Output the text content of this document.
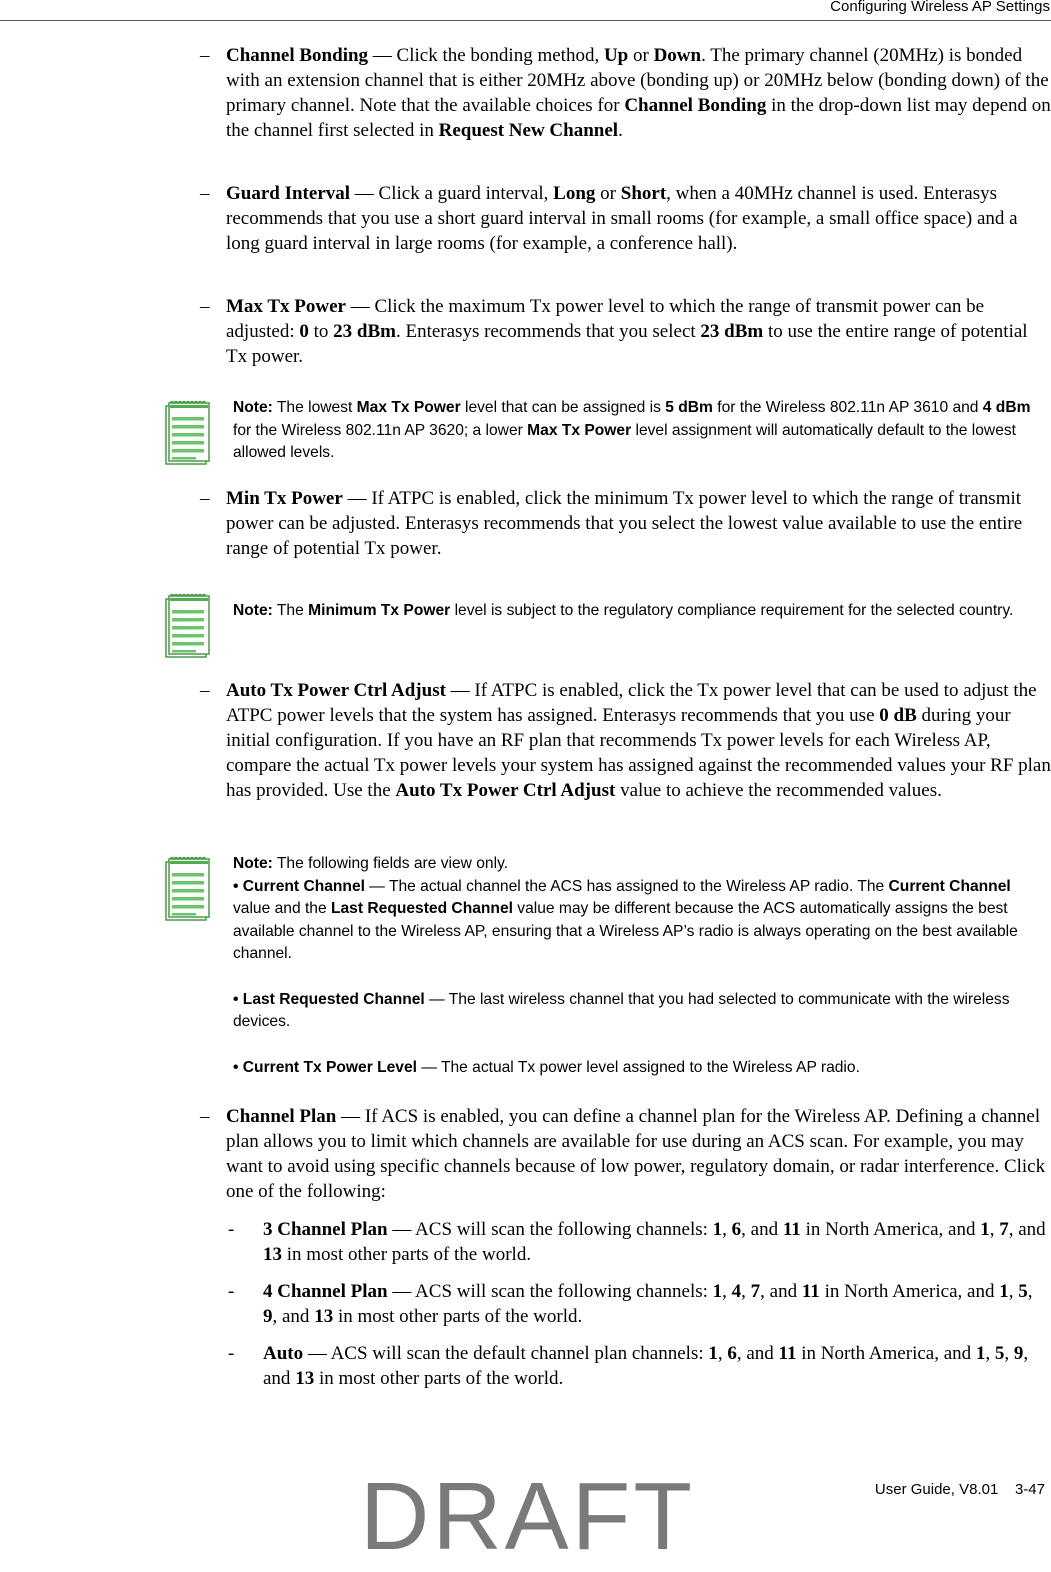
Configuring Wireless AP Settings
– Channel Bonding — Click the bonding method, Up or Down. The primary channel (20MHz) is bonded with an extension channel that is either 20MHz above (bonding up) or 20MHz below (bonding down) of the primary channel. Note that the available choices for Channel Bonding in the drop-down list may depend on the channel first selected in Request New Channel.
– Guard Interval — Click a guard interval, Long or Short, when a 40MHz channel is used. Enterasys recommends that you use a short guard interval in small rooms (for example, a small office space) and a long guard interval in large rooms (for example, a conference hall).
– Max Tx Power — Click the maximum Tx power level to which the range of transmit power can be adjusted: 0 to 23 dBm. Enterasys recommends that you select 23 dBm to use the entire range of potential Tx power.
Note: The lowest Max Tx Power level that can be assigned is 5 dBm for the Wireless 802.11n AP 3610 and 4 dBm for the Wireless 802.11n AP 3620; a lower Max Tx Power level assignment will automatically default to the lowest allowed levels.
– Min Tx Power — If ATPC is enabled, click the minimum Tx power level to which the range of transmit power can be adjusted. Enterasys recommends that you select the lowest value available to use the entire range of potential Tx power.
Note: The Minimum Tx Power level is subject to the regulatory compliance requirement for the selected country.
– Auto Tx Power Ctrl Adjust — If ATPC is enabled, click the Tx power level that can be used to adjust the ATPC power levels that the system has assigned. Enterasys recommends that you use 0 dB during your initial configuration. If you have an RF plan that recommends Tx power levels for each Wireless AP, compare the actual Tx power levels your system has assigned against the recommended values your RF plan has provided. Use the Auto Tx Power Ctrl Adjust value to achieve the recommended values.
Note: The following fields are view only.
• Current Channel — The actual channel the ACS has assigned to the Wireless AP radio. The Current Channel value and the Last Requested Channel value may be different because the ACS automatically assigns the best available channel to the Wireless AP, ensuring that a Wireless AP’s radio is always operating on the best available channel.
• Last Requested Channel — The last wireless channel that you had selected to communicate with the wireless devices.
• Current Tx Power Level — The actual Tx power level assigned to the Wireless AP radio.
– Channel Plan — If ACS is enabled, you can define a channel plan for the Wireless AP. Defining a channel plan allows you to limit which channels are available for use during an ACS scan. For example, you may want to avoid using specific channels because of low power, regulatory domain, or radar interference. Click one of the following:
- 3 Channel Plan — ACS will scan the following channels: 1, 6, and 11 in North America, and 1, 7, and 13 in most other parts of the world.
- 4 Channel Plan — ACS will scan the following channels: 1, 4, 7, and 11 in North America, and 1, 5, 9, and 13 in most other parts of the world.
- Auto — ACS will scan the default channel plan channels: 1, 6, and 11 in North America, and 1, 5, 9, and 13 in most other parts of the world.
User Guide, V8.01    3-47
DRAFT
